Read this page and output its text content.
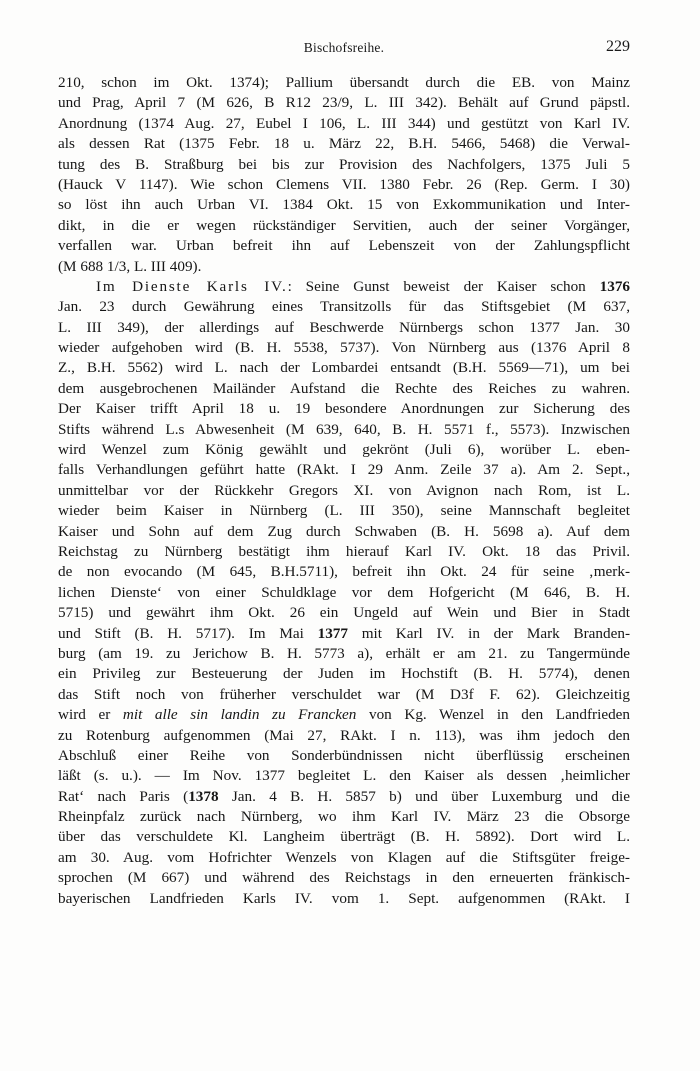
Bischofsreihe.	229
210, schon im Okt. 1374); Pallium übersandt durch die EB. von Mainz
und Prag, April 7 (M 626, B R12 23/9, L. III 342). Behält auf Grund päpstl.
Anordnung (1374 Aug. 27, Eubel I 106, L. III 344) und gestützt von Karl IV.
als dessen Rat (1375 Febr. 18 u. März 22, B.H. 5466, 5468) die Verwal-
tung des B. Straßburg bei bis zur Provision des Nachfolgers, 1375 Juli 5
(Hauck V 1147). Wie schon Clemens VII. 1380 Febr. 26 (Rep. Germ. I 30)
so löst ihn auch Urban VI. 1384 Okt. 15 von Exkommunikation und Inter-
dikt, in die er wegen rückständiger Servitien, auch der seiner Vorgänger,
verfallen war. Urban befreit ihn auf Lebenszeit von der Zahlungspflicht
(M 688 1/3, L. III 409).
Im Dienste Karls IV.: Seine Gunst beweist der Kaiser schon 1376
Jan. 23 durch Gewährung eines Transitzolls für das Stiftsgebiet (M 637,
L. III 349), der allerdings auf Beschwerde Nürnbergs schon 1377 Jan. 30
wieder aufgehoben wird (B. H. 5538, 5737). Von Nürnberg aus (1376 April 8
Z., B.H. 5562) wird L. nach der Lombardei entsandt (B.H. 5569—71), um bei
dem ausgebrochenen Mailänder Aufstand die Rechte des Reiches zu wahren.
Der Kaiser trifft April 18 u. 19 besondere Anordnungen zur Sicherung des
Stifts während L.s Abwesenheit (M 639, 640, B. H. 5571 f., 5573). Inzwischen
wird Wenzel zum König gewählt und gekrönt (Juli 6), worüber L. eben-
falls Verhandlungen geführt hatte (RAkt. I 29 Anm. Zeile 37 a). Am 2. Sept.,
unmittelbar vor der Rückkehr Gregors XI. von Avignon nach Rom, ist L.
wieder beim Kaiser in Nürnberg (L. III 350), seine Mannschaft begleitet
Kaiser und Sohn auf dem Zug durch Schwaben (B. H. 5698 a). Auf dem
Reichstag zu Nürnberg bestätigt ihm hierauf Karl IV. Okt. 18 das Privil.
de non evocando (M 645, B.H.5711), befreit ihn Okt. 24 für seine ‚merk-
lichen Dienste‘ von einer Schuldklage vor dem Hofgericht (M 646, B. H.
5715) und gewährt ihm Okt. 26 ein Ungeld auf Wein und Bier in Stadt
und Stift (B. H. 5717). Im Mai 1377 mit Karl IV. in der Mark Branden-
burg (am 19. zu Jerichow B. H. 5773 a), erhält er am 21. zu Tangermünde
ein Privileg zur Besteuerung der Juden im Hochstift (B. H. 5774), denen
das Stift noch von früherher verschuldet war (M D3f F. 62). Gleichzeitig
wird er mit alle sin landin zu Francken von Kg. Wenzel in den Landfrieden
zu Rotenburg aufgenommen (Mai 27, RAkt. I n. 113), was ihm jedoch den
Abschluß einer Reihe von Sonderbündnissen nicht überflüssig erscheinen
läßt (s. u.). — Im Nov. 1377 begleitet L. den Kaiser als dessen ‚heimlicher
Rat‘ nach Paris (1378 Jan. 4 B. H. 5857 b) und über Luxemburg und die
Rheinpfalz zurück nach Nürnberg, wo ihm Karl IV. März 23 die Obsorge
über das verschuldete Kl. Langheim überträgt (B. H. 5892). Dort wird L.
am 30. Aug. vom Hofrichter Wenzels von Klagen auf die Stiftsgüter freige-
sprochen (M 667) und während des Reichstags in den erneuerten fränkisch-
bayerischen Landfrieden Karls IV. vom 1. Sept. aufgenommen (RAkt. I
